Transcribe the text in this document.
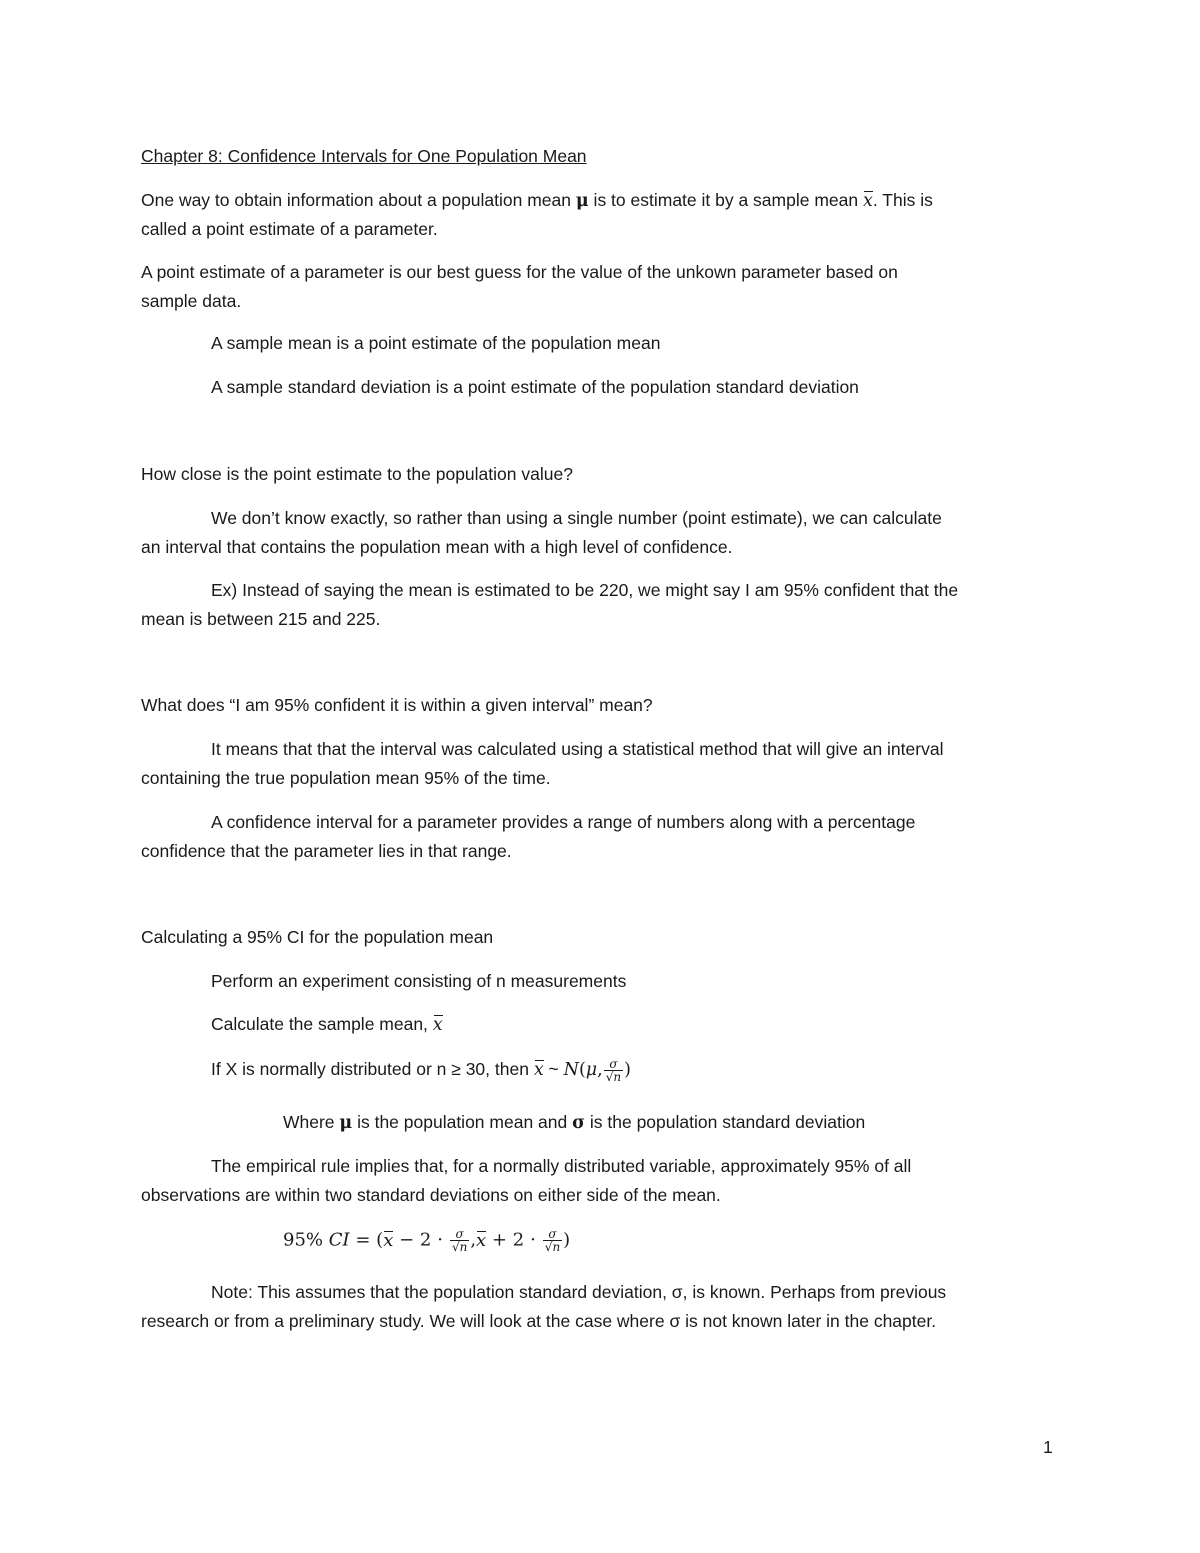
Chapter 8: Confidence Intervals for One Population Mean
One way to obtain information about a population mean μ is to estimate it by a sample mean x. This is
called a point estimate of a parameter.
A point estimate of a parameter is our best guess for the value of the unkown parameter based on
sample data.
A sample mean is a point estimate of the population mean
A sample standard deviation is a point estimate of the population standard deviation
How close is the point estimate to the population value?
We don’t know exactly, so rather than using a single number (point estimate), we can calculate
an interval that contains the population mean with a high level of confidence.
Ex) Instead of saying the mean is estimated to be 220, we might say I am 95% confident that the
mean is between 215 and 225.
What does “I am 95% confident it is within a given interval” mean?
It means that that the interval was calculated using a statistical method that will give an interval
containing the true population mean 95% of the time.
A confidence interval for a parameter provides a range of numbers along with a percentage
confidence that the parameter lies in that range.
Calculating a 95% CI for the population mean
Perform an experiment consisting of n measurements
Calculate the sample mean, x
If X is normally distributed or n ≥ 30, then x ~ N(μ, $\frac{\sigma}{√n}$ )
Where μ is the population mean and σ is the population standard deviation
The empirical rule implies that, for a normally distributed variable, approximately 95% of all
observations are within two standard deviations on either side of the mean.
95% CI = ($x - 2 \cdot \frac{\sigma}{√n} ,x + 2 \cdot \frac{\sigma}{√n}$ )
Note: This assumes that the population standard deviation, σ, is known. Perhaps from previous
research or from a preliminary study. We will look at the case where σ is not known later in the chapter.
1
